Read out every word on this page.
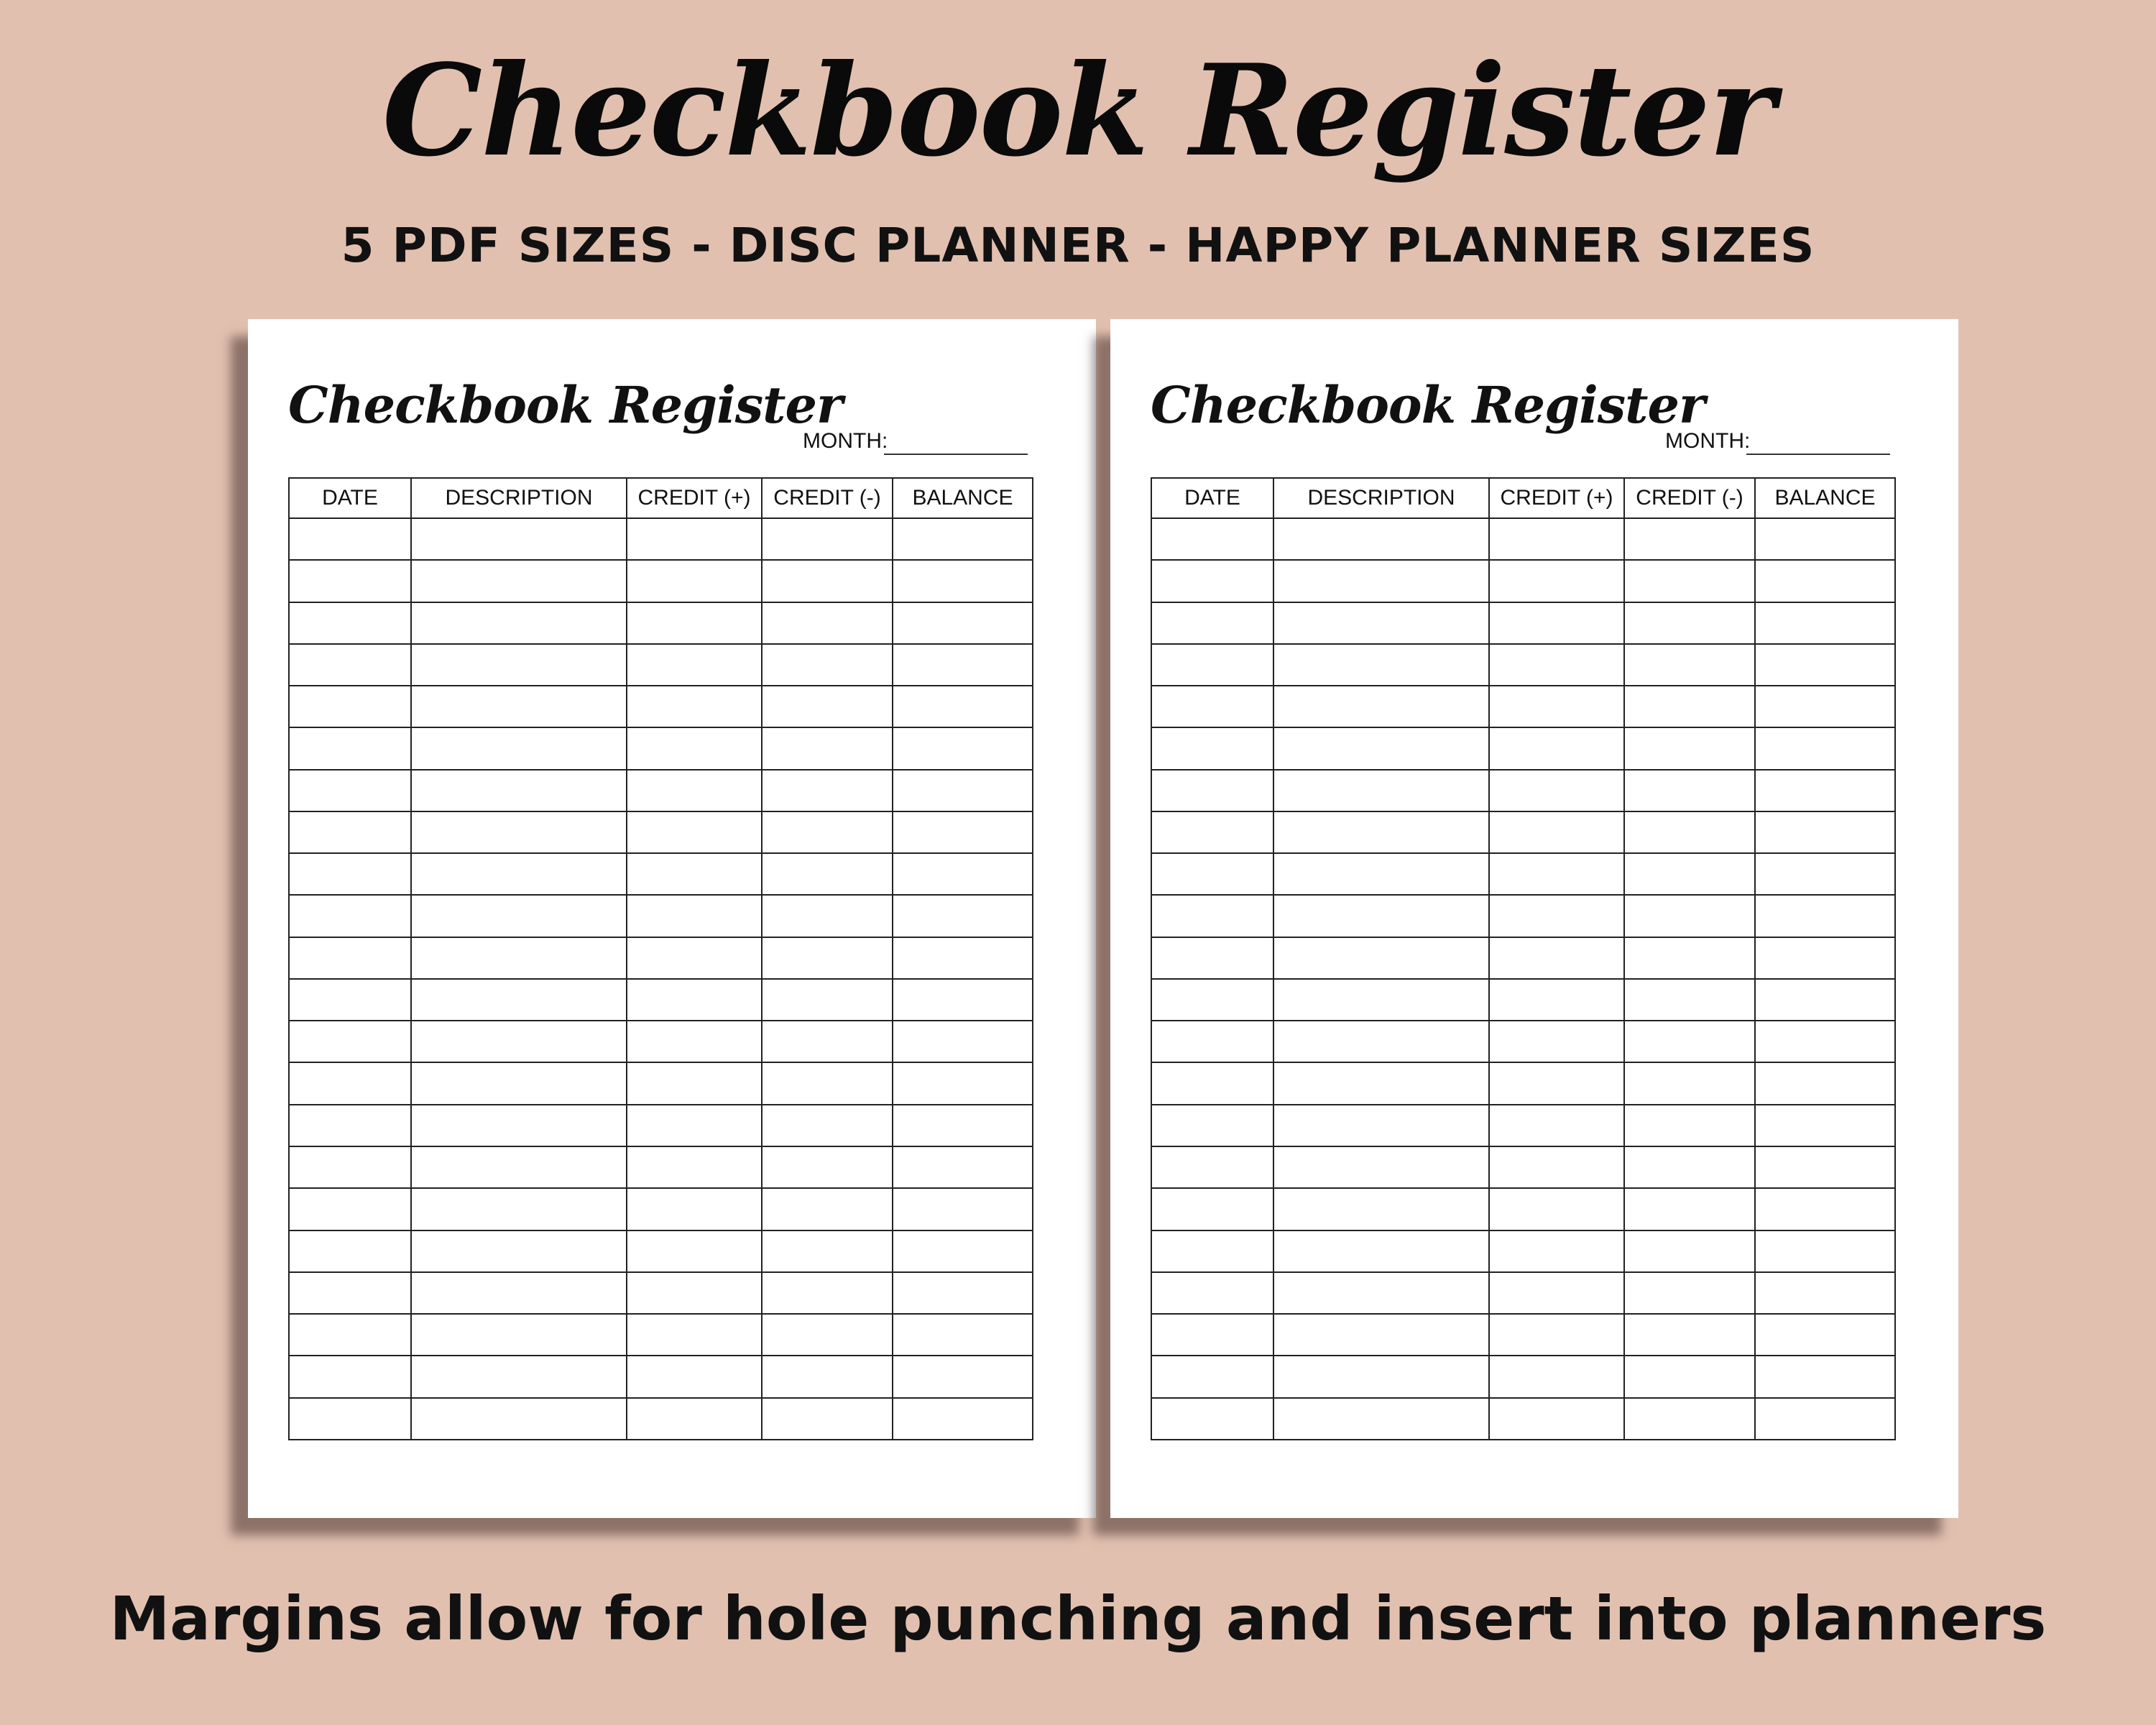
Checkbook Register
5 PDF SIZES - DISC PLANNER - HAPPY PLANNER SIZES
Checkbook Register
MONTH:
DATE	DESCRIPTION	CREDIT (+)	CREDIT (-)	BALANCE

Checkbook Register
MONTH:
DATE	DESCRIPTION	CREDIT (+)	CREDIT (-)	BALANCE

Margins allow for hole punching and insert into planners
